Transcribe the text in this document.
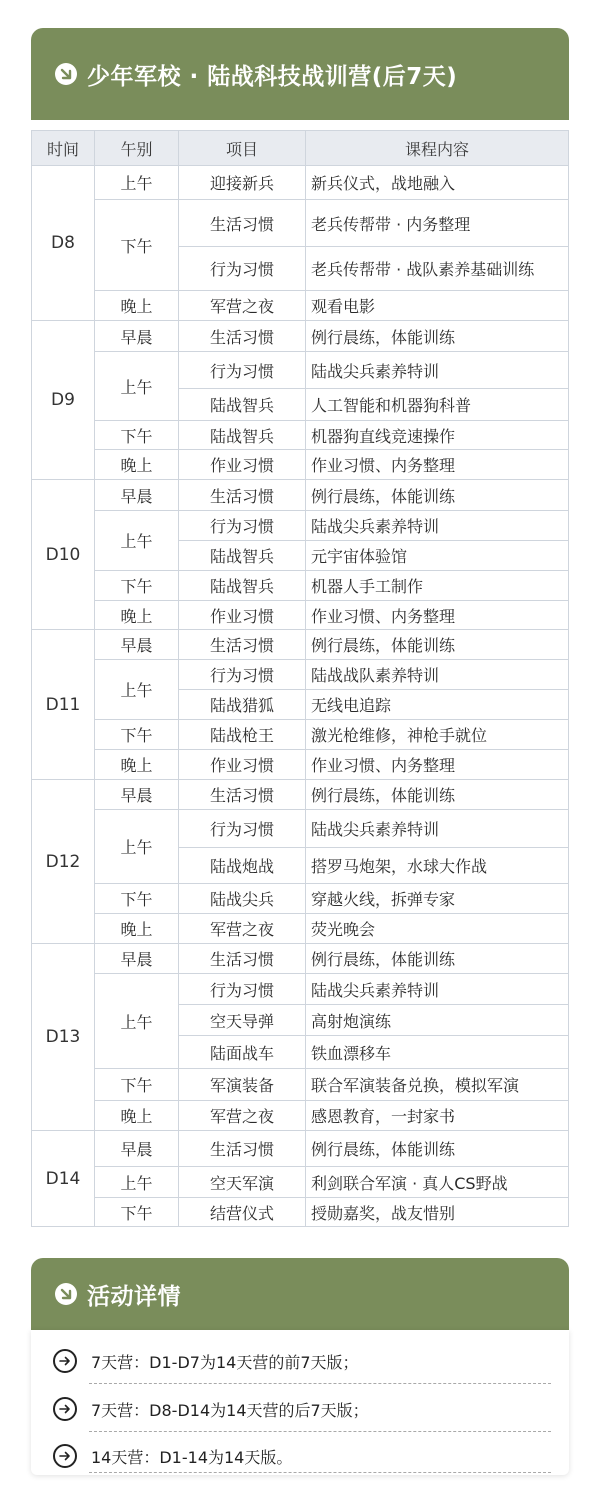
少年军校 · 陆战科技战训营(后7天)
时间	午别	项目	课程内容
D8	上午	迎接新兵	新兵仪式，战地融入
	下午	生活习惯	老兵传帮带 · 内务整理
		行为习惯	老兵传帮带 · 战队素养基础训练
	晚上	军营之夜	观看电影
D9	早晨	生活习惯	例行晨练，体能训练
	上午	行为习惯	陆战尖兵素养特训
		陆战智兵	人工智能和机器狗科普
	下午	陆战智兵	机器狗直线竞速操作
	晚上	作业习惯	作业习惯、内务整理
D10	早晨	生活习惯	例行晨练，体能训练
	上午	行为习惯	陆战尖兵素养特训
		陆战智兵	元宇宙体验馆
	下午	陆战智兵	机器人手工制作
	晚上	作业习惯	作业习惯、内务整理
D11	早晨	生活习惯	例行晨练，体能训练
	上午	行为习惯	陆战战队素养特训
		陆战猎狐	无线电追踪
	下午	陆战枪王	激光枪维修，神枪手就位
	晚上	作业习惯	作业习惯、内务整理
D12	早晨	生活习惯	例行晨练，体能训练
	上午	行为习惯	陆战尖兵素养特训
		陆战炮战	搭罗马炮架，水球大作战
	下午	陆战尖兵	穿越火线，拆弹专家
	晚上	军营之夜	荧光晚会
D13	早晨	生活习惯	例行晨练，体能训练
	上午	行为习惯	陆战尖兵素养特训
		空天导弹	高射炮演练
		陆面战车	铁血漂移车
	下午	军演装备	联合军演装备兑换，模拟军演
	晚上	军营之夜	感恩教育，一封家书
D14	早晨	生活习惯	例行晨练，体能训练
	上午	空天军演	利剑联合军演 · 真人CS野战
	下午	结营仪式	授勋嘉奖，战友惜别
活动详情
7天营：D1-D7为14天营的前7天版；
7天营：D8-D14为14天营的后7天版；
14天营：D1-14为14天版。
